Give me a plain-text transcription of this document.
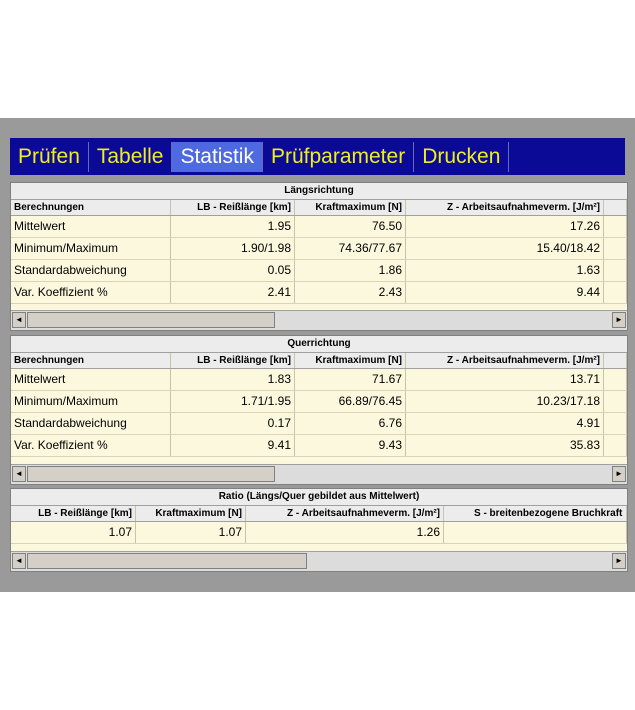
Prüfen Tabelle Statistik Prüfparameter Drucken
Längsrichtung
Berechnungen	LB - Reißlänge [km]	Kraftmaximum [N]	Z - Arbeitsaufnahmeverm. [J/m²]
Mittelwert	1.95	76.50	17.26
Minimum/Maximum	1.90/1.98	74.36/77.67	15.40/18.42
Standardabweichung	0.05	1.86	1.63
Var. Koeffizient %	2.41	2.43	9.44
◄	►
Querrichtung
Berechnungen	LB - Reißlänge [km]	Kraftmaximum [N]	Z - Arbeitsaufnahmeverm. [J/m²]
Mittelwert	1.83	71.67	13.71
Minimum/Maximum	1.71/1.95	66.89/76.45	10.23/17.18
Standardabweichung	0.17	6.76	4.91
Var. Koeffizient %	9.41	9.43	35.83
◄	►
Ratio (Längs/Quer gebildet aus Mittelwert)
LB - Reißlänge [km]	Kraftmaximum [N]	Z - Arbeitsaufnahmeverm. [J/m²]	S - breitenbezogene Bruchkraft
1.07	1.07	1.26
◄	►
